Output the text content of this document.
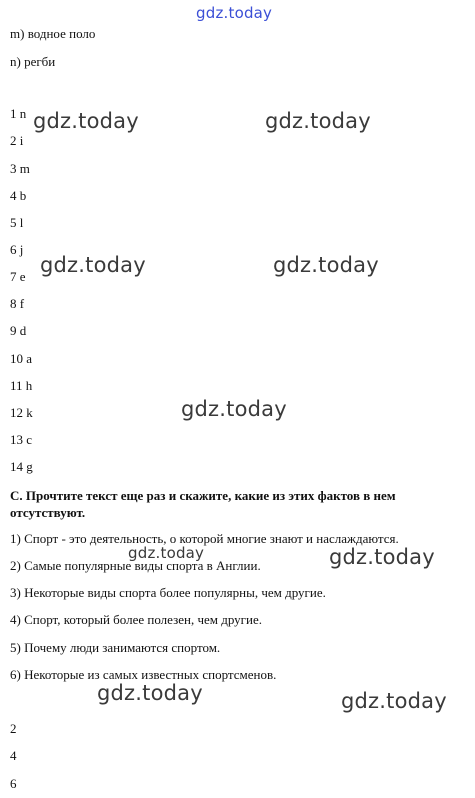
gdz.today
m) водное поло
n) регби
1 n
2 i
3 m
4 b
5 l
6 j
7 e
8 f
9 d
10 a
11 h
12 k
13 c
14 g
C. Прочтите текст еще раз и скажите, какие из этих фактов в нем отсутствуют.
1) Спорт - это деятельность, о которой многие знают и наслаждаются.
2) Самые популярные виды спорта в Англии.
3) Некоторые виды спорта более популярны, чем другие.
4) Спорт, который более полезен, чем другие.
5) Почему люди занимаются спортом.
6) Некоторые из самых известных спортсменов.
2
4
6
gdz.today	gdz.today
gdz.today	gdz.today
gdz.today
gdz.today	gdz.today
gdz.today	gdz.today
